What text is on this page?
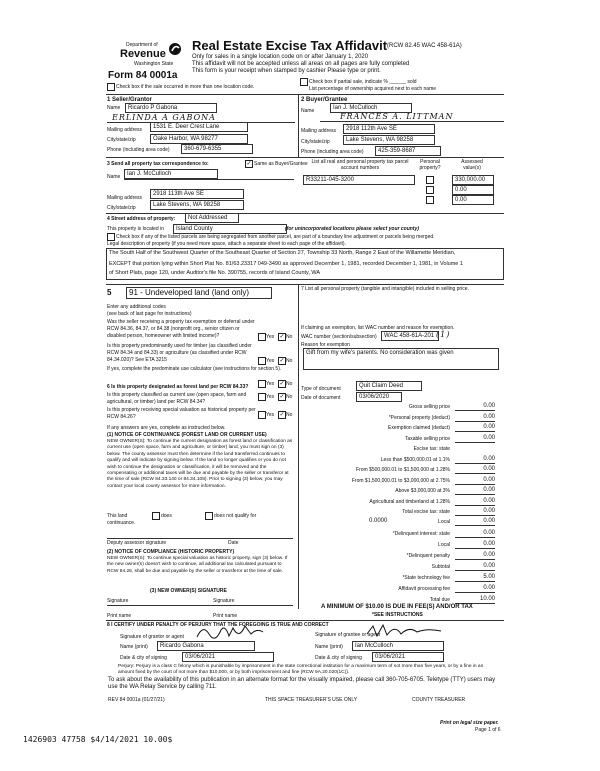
Department of
Revenue
Washington State
Form 84 0001a
Real Estate Excise Tax Affidavit (RCW 82.45 WAC 458-61A)
Only for sales in a single location code on or after January 1, 2020
This affidavit will not be accepted unless all areas on all pages are fully completed
This form is your receipt when stamped by cashier Please type or print.
Check box if the sale occurred in more than one location code.
Check box if partial sale, indicate % ______ sold
List percentage of ownership acquired next to each name
1 Seller/Grantor
Name	Ricardo P Gabona
ERLINDA A GABONA
Mailing address	1531 E. Deer Crest Lane
City/state/zip	Oake Harbor, WA 98277
Phone (including area code)	360-679-6355
2 Buyer/Grantee
Name	Ian J. McCulloch
FRANCES A. LITTMAN
Mailing address	2918 112th Ave SE
City/state/zip	Lake Stevens, WA 98258
Phone (including area code)	425-359-8687
3 Send all property tax correspondence to:	✓ Same as Buyer/Grantee
Name	Ian J. McCulloch
Mailing address
2918 113th Ave SE
City/state/zip	Lake Stevens, WA 98258
List all real and personal property tax parcel account numbers
Personal property?
Assessed value(s)
R33211-045-3200	330,000.00
0.00
0.00
4 Street address of property:	Not Addressed
This property is located in	Island County	(for unincorporated locations please select your county)
Check box if any of the listed parcels are being segregated from another parcel, are part of a boundary line adjustment or parcels being merged.
Legal description of property (if you need more space, attach a separate sheet to each page of the affidavit).
The South Half of the Southwest Quarter of the Southeast Quarter of Section 27, Township 33 North, Range 2 East of the Willamette Meridian,
EXCEPT that portion lying within Short Plat No. 81/63.23317 049-3490 as approved December 1, 1981, recorded December 1, 1981, in Volume 1
of Short Plats, page 120, under Auditor's file No. 390755, records of Island County, WA
5	91 - Undeveloped land (land only)
Enter any additional codes
(see back of last page for instructions)
Was the seller receiving a property tax exemption or deferral under RCW 84.36, 84.37, or 84.38 (nonprofit org., senior citizen or disabled person, homeowner with limited income)?	Yes ✓ No
Is this property predominantly used for timber (as classified under RCW 84.34 and 84.33) or agriculture (as classified under RCW 84.34.020)? See ETA 3215	Yes ✓ No
If yes, complete the predominate use calculator (see instructions for section 5).
6 Is this property designated as forest land per RCW 84.33?	Yes ✓ No
Is this property classified as current use (open space, farm and agricultural, or timber) land per RCW 84.34?
Yes ✓ No
Is this property receiving special valuation as historical property per RCW 84.26?	Yes ✓ No
If any answers are yes, complete as instructed below.
(1) NOTICE OF CONTINUANCE (FOREST LAND OR CURRENT USE)
NEW OWNER(S): To continue the current designation as forest land or classification as current use (open space, farm and agriculture, or timber) land, you must sign on (3) below. The county assessor must then determine if the land transferred continues to qualify and will indicate by signing below. If the land no longer qualifies or you do not wish to continue the designation or classification, it will be removed and the compensating or additional taxes will be due and payable by the seller or transferor at the time of sale (RCW 84.33.140 or 84.34.108). Prior to signing (3) below, you may contact your local county assessor for more information.
This land	does	does not qualify for
continuance.
Deputy assessor signature	Date
(2) NOTICE OF COMPLIANCE (HISTORIC PROPERTY)
NEW OWNER(S): To continue special valuation as historic property, sign (3) below. If the new owner(s) doesn't wish to continue, all additional tax calculated pursuant to RCW 84.26, shall be due and payable by the seller or transferor at the time of sale.
(3) NEW OWNER(S) SIGNATURE
Signature	Signature
Print name	Print name
7 List all personal property (tangible and intangible) included in selling price.
If claiming an exemption, list WAC number and reason for exemption.
WAC number (section/subsection)	WAC 458-61A-201 (1)
Reason for exemption
Gift from my wife's parents. No consideration was given
Type of document	Quit Claim Deed
Date of document	03/06/2020
Gross selling price	0.00
*Personal property (deduct)	0.00
Exemption claimed (deduct)	0.00
Taxable selling price	0.00
Excise tax: state
Less than $500,000.01 at 1.1%	0.00
From $500,000.01 to $1,500,000 at 1.28%	0.00
From $1,500,000.01 to $3,000,000 at 2.75%	0.00
Above $3,000,000 at 3%	0.00
Agricultural and timberland at 1.28%	0.00
Total excise tax: state	0.00
0.0000	Local	0.00
*Delinquent interest: state	0.00
Local	0.00
*Delinquent penalty	0.00
Subtotal	0.00
*State technology fee	5.00
Affidavit processing fee	0.00
Total due	10.00
A MINIMUM OF $10.00 IS DUE IN FEE(S) AND/OR TAX
*SEE INSTRUCTIONS
8 I CERTIFY UNDER PENALTY OF PERJURY THAT THE FOREGOING IS TRUE AND CORRECT
Signature of grantor or agent
Name (print)	Ricardo Gabona
Date & city of signing	03/06/2021
Signature of grantee or agent
Name (print)	Ian McCulloch
Date & city of signing	03/06/2021
Perjury: Perjury is a class C felony which is punishable by imprisonment in the state correctional institution for a maximum term of not more than five years, or by a fine in an amount fixed by the court of not more than $10,000, or by both imprisonment and fine (RCW 9A.20.020(1C)).
To ask about the availability of this publication in an alternate format for the visually impaired, please call 360-705-6705. Teletype (TTY) users may use the WA Relay Service by calling 711.
REV 84 0001a (01/27/21)	THIS SPACE TREASURER'S USE ONLY	COUNTY TREASURER
Print on legal size paper.
Page 1 of 6
1426903 47758 $4/14/2021 10.00$
